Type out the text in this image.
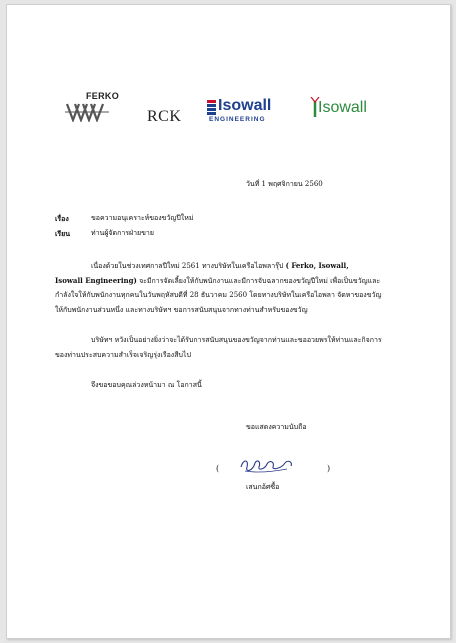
FERKO
RCK
Isowall
ENGINEERING
Isowall
วันที่ 1 พฤศจิกายน 2560
เรื่อง	ขอความอนุเคราะห์ของขวัญปีใหม่
เรียน	ท่านผู้จัดการฝ่ายขาย
เนื่องด้วยในช่วงเทศกาลปีใหม่ 2561 ทางบริษัทในเครือไอพลารุ๊ป ( Ferko, Isowall,
Isowall Engineering) จะมีการจัดเลี้ยงให้กับพนักงานและมีการจับฉลากของขวัญปีใหม่ เพื่อเป็นขวัญและ
กำลังใจให้กับพนักงานทุกคนในวันพฤหัสบดีที่ 28 ธันวาคม 2560 โดยทางบริษัทในเครือไอพลา จัดหาของขวัญ
ให้กับพนักงานส่วนหนึ่ง และทางบริษัทฯ ขอการสนับสนุนจากทางท่านสำหรับของขวัญ
บริษัทฯ หวังเป็นอย่างยิ่งว่าจะได้รับการสนับสนุนของขวัญจากท่านและขออวยพรให้ท่านและกิจการ
ของท่านประสบความสำเร็จเจริญรุ่งเรืองสืบไป
จึงขอขอบคุณล่วงหน้ามา ณ โอกาสนี้
ขอแสดงความนับถือ
(	)
เสนกอ้ศซื้อ
